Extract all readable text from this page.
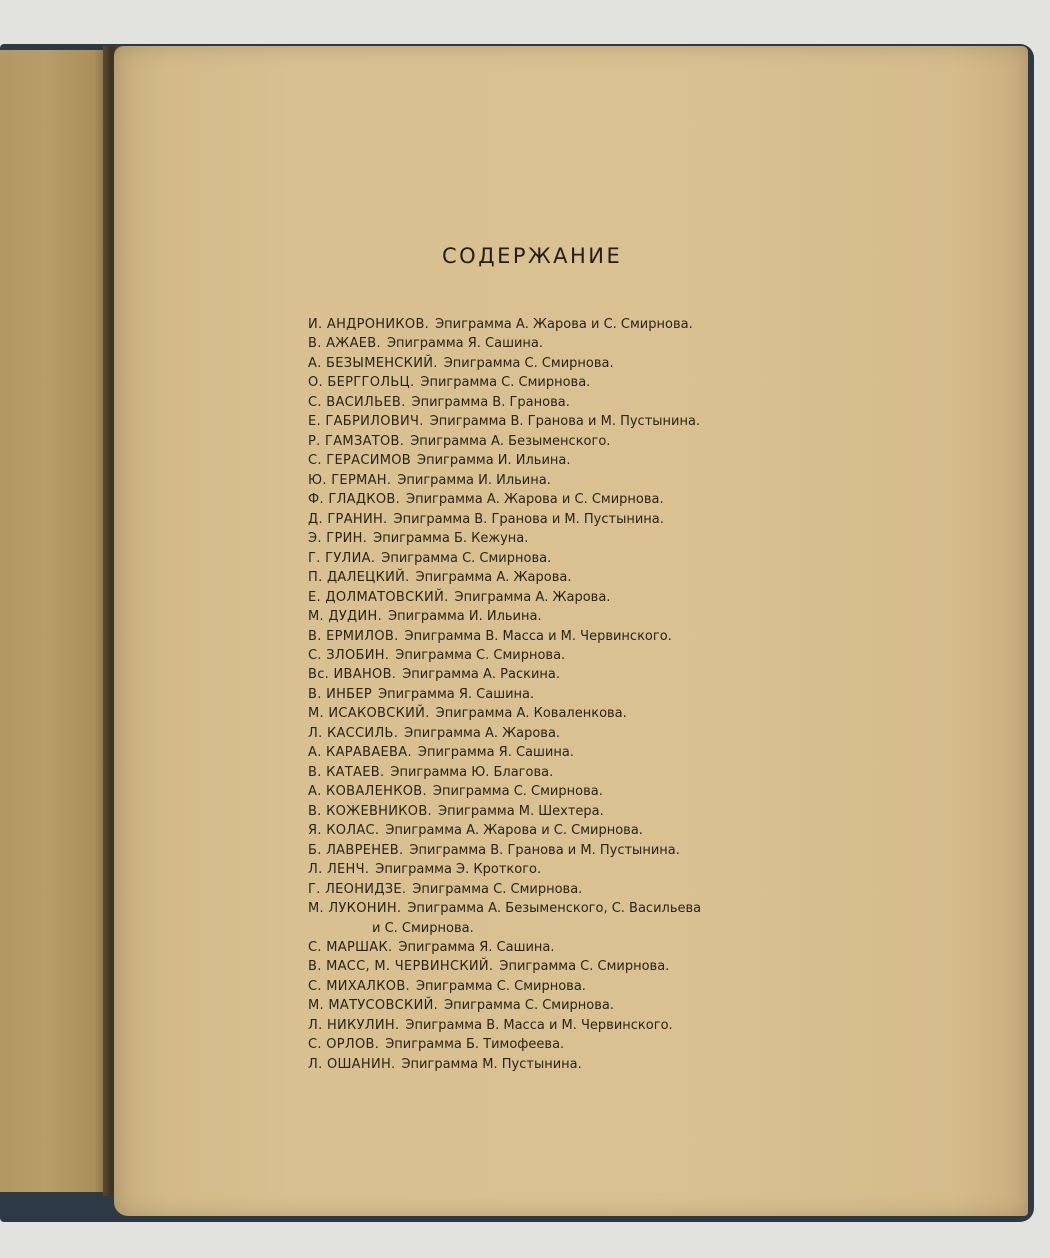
СОДЕРЖАНИЕ
И. АНДРОНИКОВ. Эпиграмма А. Жарова и С. Смирнова.
В. АЖАЕВ. Эпиграмма Я. Сашина.
А. БЕЗЫМЕНСКИЙ. Эпиграмма С. Смирнова.
О. БЕРГГОЛЬЦ. Эпиграмма С. Смирнова.
С. ВАСИЛЬЕВ. Эпиграмма В. Гранова.
Е. ГАБРИЛОВИЧ. Эпиграмма В. Гранова и М. Пустынина.
Р. ГАМЗАТОВ. Эпиграмма А. Безыменского.
С. ГЕРАСИМОВ Эпиграмма И. Ильина.
Ю. ГЕРМАН. Эпиграмма И. Ильина.
Ф. ГЛАДКОВ. Эпиграмма А. Жарова и С. Смирнова.
Д. ГРАНИН. Эпиграмма В. Гранова и М. Пустынина.
Э. ГРИН. Эпиграмма Б. Кежуна.
Г. ГУЛИА. Эпиграмма С. Смирнова.
П. ДАЛЕЦКИЙ. Эпиграмма А. Жарова.
Е. ДОЛМАТОВСКИЙ. Эпиграмма А. Жарова.
М. ДУДИН. Эпиграмма И. Ильина.
В. ЕРМИЛОВ. Эпиграмма В. Масса и М. Червинского.
С. ЗЛОБИН. Эпиграмма С. Смирнова.
Вс. ИВАНОВ. Эпиграмма А. Раскина.
В. ИНБЕР Эпиграмма Я. Сашина.
М. ИСАКОВСКИЙ. Эпиграмма А. Коваленкова.
Л. КАССИЛЬ. Эпиграмма А. Жарова.
А. КАРАВАЕВА. Эпиграмма Я. Сашина.
В. КАТАЕВ. Эпиграмма Ю. Благова.
А. КОВАЛЕНКОВ. Эпиграмма С. Смирнова.
В. КОЖЕВНИКОВ. Эпиграмма М. Шехтера.
Я. КОЛАС. Эпиграмма А. Жарова и С. Смирнова.
Б. ЛАВРЕНЕВ. Эпиграмма В. Гранова и М. Пустынина.
Л. ЛЕНЧ. Эпиграмма Э. Кроткого.
Г. ЛЕОНИДЗЕ. Эпиграмма С. Смирнова.
М. ЛУКОНИН. Эпиграмма А. Безыменского, С. Васильева
и С. Смирнова.
С. МАРШАК. Эпиграмма Я. Сашина.
В. МАСС, М. ЧЕРВИНСКИЙ. Эпиграмма С. Смирнова.
С. МИХАЛКОВ. Эпиграмма С. Смирнова.
М. МАТУСОВСКИЙ. Эпиграмма С. Смирнова.
Л. НИКУЛИН. Эпиграмма В. Масса и М. Червинского.
С. ОРЛОВ. Эпиграмма Б. Тимофеева.
Л. ОШАНИН. Эпиграмма М. Пустынина.
